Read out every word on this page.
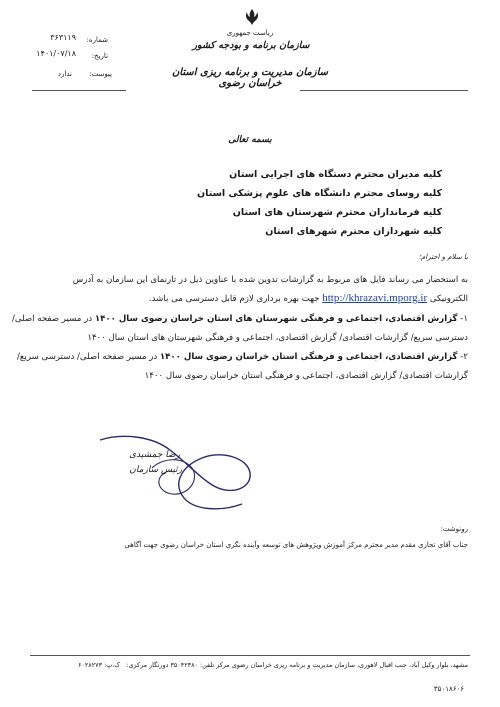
ریاست جمهوری
سازمان برنامه و بودجه کشور
سازمان مدیریت و برنامه ریزی استان خراسان رضوی
شماره:
۳۶۳۱۱۹
تاریخ:
۱۴۰۱/۰۷/۱۸
پیوست:
ندارد
بسمه تعالی
کلیه مدیران محترم دستگاه های اجرایی استان
کلیه روسای محترم دانشگاه های علوم پزشکی استان
کلیه فرمانداران محترم شهرستان های استان
کلیه شهرداران محترم شهرهای استان
با سلام و احترام؛
به استحضار می رساند فایل های مربوط به گزارشات تدوین شده با عناوین ذیل در تارنمای این سازمان به آدرس
الکترونیکی http://khrazavi.mporg.ir جهت بهره برداری لازم قابل دسترسی می باشد.
۱- گزارش اقتصادی، اجتماعی و فرهنگی شهرستان های استان خراسان رضوی سال ۱۴۰۰ در مسیر صفحه اصلی/
دسترسی سریع/ گزارشات اقتصادی/ گزارش اقتصادی، اجتماعی و فرهنگی شهرستان های استان سال ۱۴۰۰
۲- گزارش اقتصادی، اجتماعی و فرهنگی استان خراسان رضوی سال ۱۴۰۰ در مسیر صفحه اصلی/ دسترسی سریع/
گزارشات اقتصادی/ گزارش اقتصادی، اجتماعی و فرهنگی استان خراسان رضوی سال ۱۴۰۰
رضا جمشیدی
رئیس سازمان
رونوشت:
جناب آقای تجاری مقدم مدیر محترم مرکز آموزش وپژوهش های توسعه وآینده نگری استان خراسان رضوی جهت آگاهی
مشهد، بلوار وکیل آباد، جنب اقبال لاهوری، سازمان مدیریت و برنامه ریزی خراسان رضوی مرکز تلفن: ۳۵۰۴۲۳۸۰ دورنگار مرکزی:
ک.پ: ۶۰۲۸۲۷۳
۳۵۰۱۸۶۰۶
